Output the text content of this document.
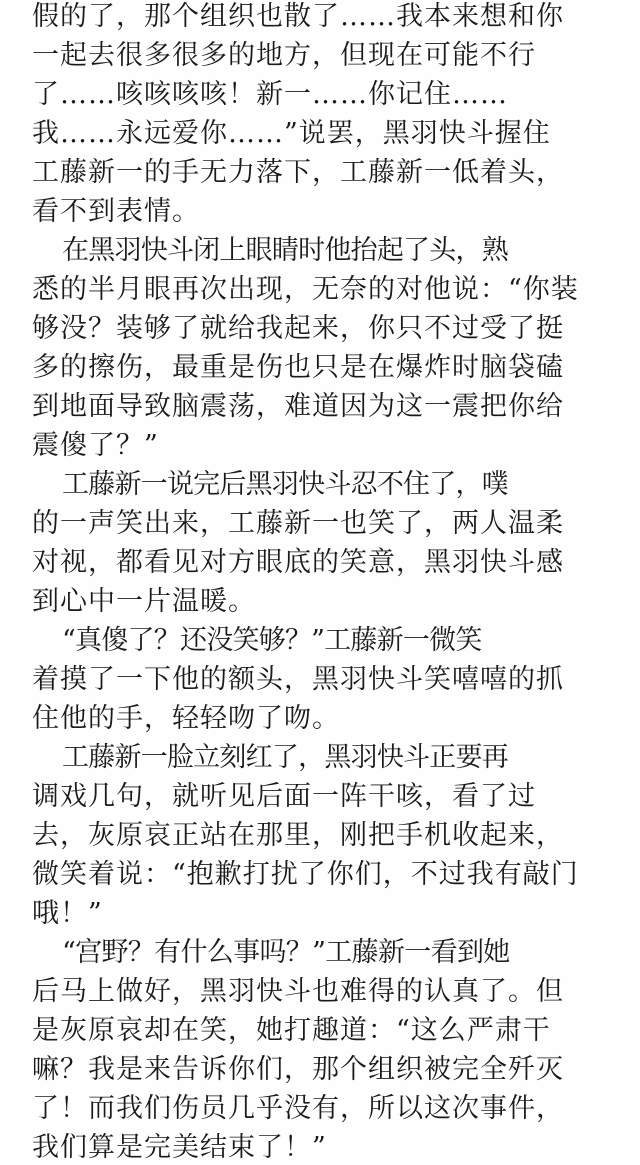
假的了，那个组织也散了……我本来想和你
一起去很多很多的地方，但现在可能不行
了……咳咳咳咳！新一……你记住……
我……永远爱你……”说罢，黑羽快斗握住
工藤新一的手无力落下，工藤新一低着头，
看不到表情。
在黑羽快斗闭上眼睛时他抬起了头，熟
悉的半月眼再次出现，无奈的对他说：“你装
够没？装够了就给我起来，你只不过受了挺
多的擦伤，最重是伤也只是在爆炸时脑袋磕
到地面导致脑震荡，难道因为这一震把你给
震傻了？”
工藤新一说完后黑羽快斗忍不住了，噗
的一声笑出来，工藤新一也笑了，两人温柔
对视，都看见对方眼底的笑意，黑羽快斗感
到心中一片温暖。
“真傻了？还没笑够？”工藤新一微笑
着摸了一下他的额头，黑羽快斗笑嘻嘻的抓
住他的手，轻轻吻了吻。
工藤新一脸立刻红了，黑羽快斗正要再
调戏几句，就听见后面一阵干咳，看了过
去，灰原哀正站在那里，刚把手机收起来，
微笑着说：“抱歉打扰了你们，不过我有敲门
哦！”
“宫野？有什么事吗？”工藤新一看到她
后马上做好，黑羽快斗也难得的认真了。但
是灰原哀却在笑，她打趣道：“这么严肃干
嘛？我是来告诉你们，那个组织被完全歼灭
了！而我们伤员几乎没有，所以这次事件，
我们算是完美结束了！”
